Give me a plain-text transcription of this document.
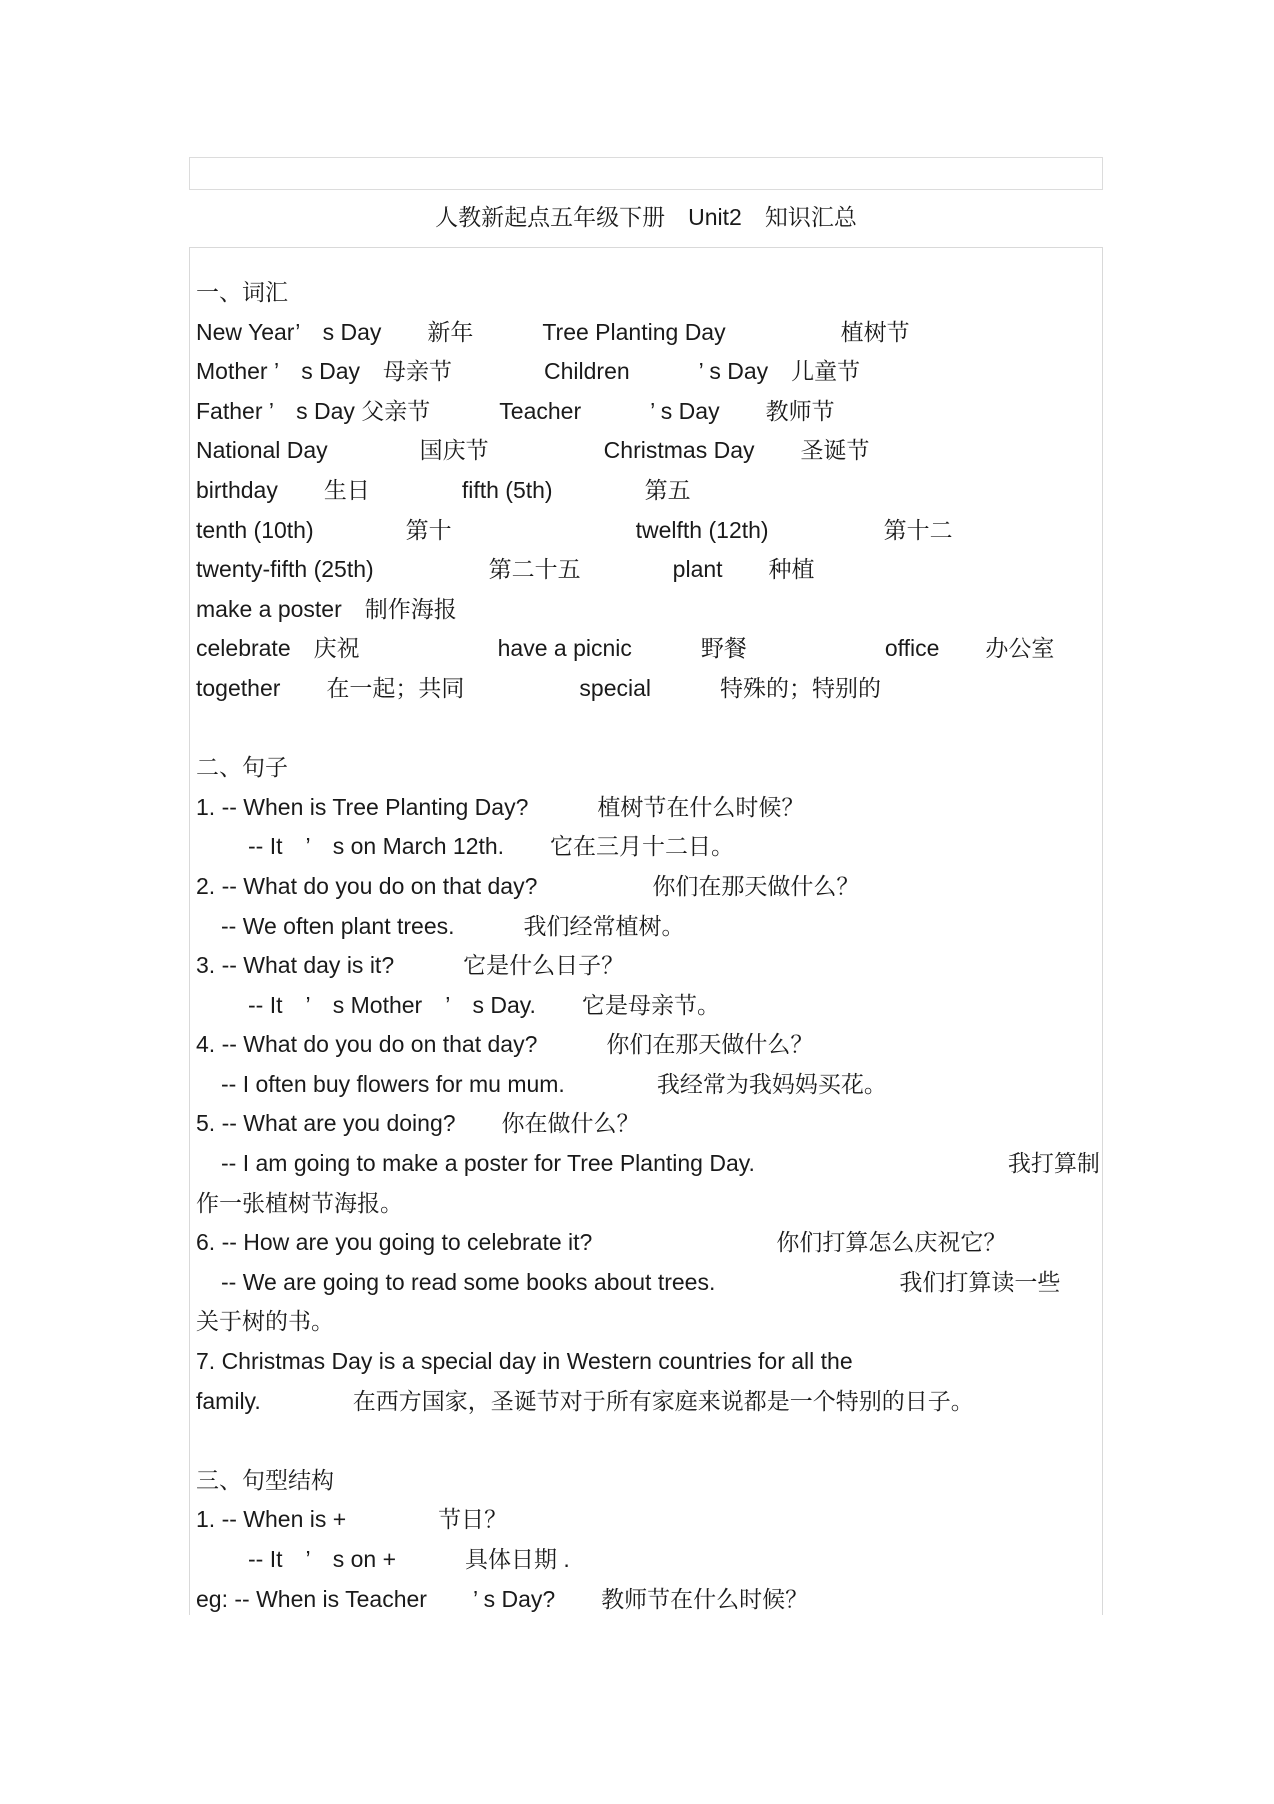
人教新起点五年级下册　Unit2　知识汇总
一、词汇
New Year’　s Day　　新年　　　Tree Planting Day　　　　　植树节
Mother ’　s Day　母亲节　　　　Children　　　’ s Day　儿童节
Father ’　s Day 父亲节　　　Teacher　　　’ s Day　　教师节
National Day　　　　国庆节　　　　　Christmas Day　　圣诞节
birthday　　生日　　　　fifth (5th)　　　　第五
tenth (10th)　　　　第十　　　　　　　　twelfth (12th)　　　　　第十二
twenty-fifth (25th)　　　　　第二十五　　　　plant　　种植
make a poster　制作海报
celebrate　庆祝　　　　　　have a picnic　　　野餐　　　　　　office　　办公室
together　　在一起；共同　　　　　special　　　特殊的；特别的

二、句子
1. -- When is Tree Planting Day?　　　植树节在什么时候？
-- It　’　s on March 12th.　　它在三月十二日。
2. -- What do you do on that day?　　　　　你们在那天做什么？
-- We often plant trees.　　　我们经常植树。
3. -- What day is it?　　　它是什么日子？
-- It　’　s Mother　’　s Day.　　它是母亲节。
4. -- What do you do on that day?　　　你们在那天做什么？
-- I often buy flowers for mu mum.　　　　我经常为我妈妈买花。
5. -- What are you doing?　　你在做什么？
-- I am going to make a poster for Tree Planting Day.　　　　　　　　　　　我打算制
作一张植树节海报。
6. -- How are you going to celebrate it?　　　　　　　　你们打算怎么庆祝它？
-- We are going to read some books about trees.　　　　　　　　我们打算读一些
关于树的书。
7. Christmas Day is a special day in Western countries for all the
family.　　　　在西方国家，圣诞节对于所有家庭来说都是一个特别的日子。

三、句型结构
1. -- When is +　　　　节日？
-- It　’　s on +　　　具体日期 .
eg: -- When is Teacher　　’ s Day?　　教师节在什么时候？
